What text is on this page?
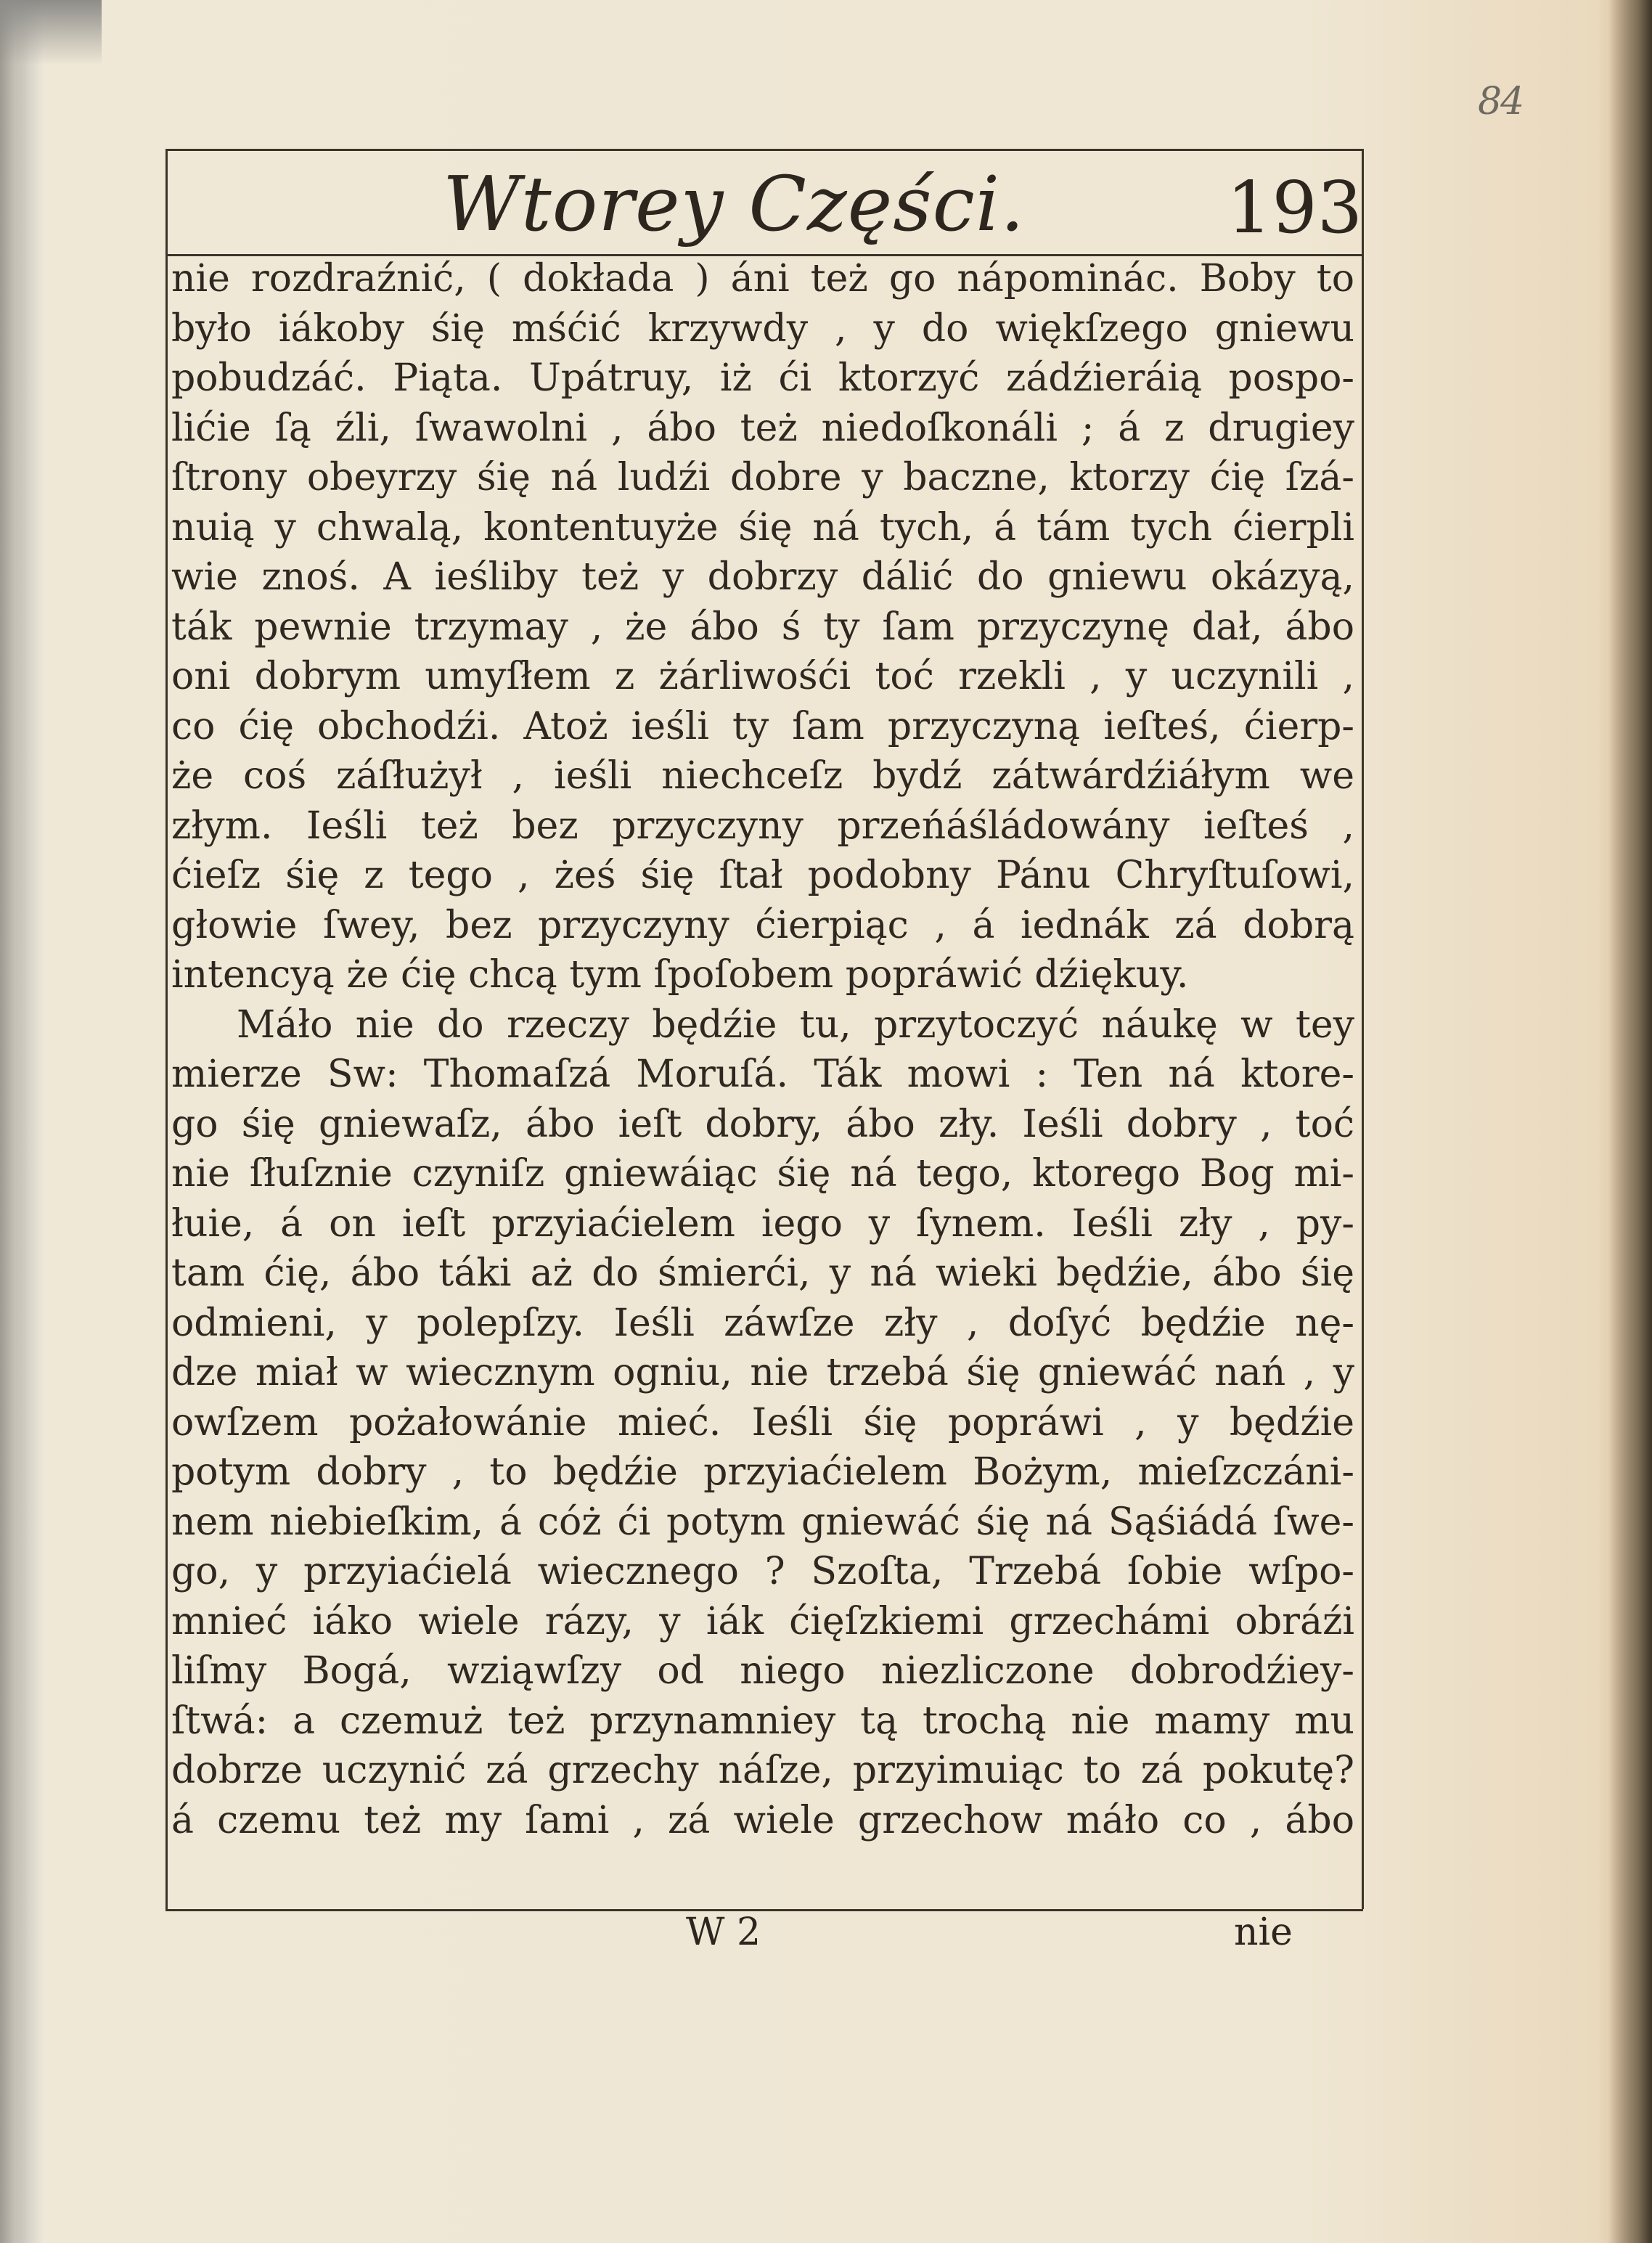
84
Wtorey Części.	193
nie rozdraźnić, ( dokłada ) áni też go nápominác. Boby to
było iákoby śię mśćić krzywdy , y do więkſzego gniewu
pobudzáć. Piąta. Upátruy, iż ći ktorzyć zádźieráią pospo-
lićie ſą źli, ſwawolni , ábo też niedoſkonáli ; á z drugiey
ſtrony obeyrzy śię ná ludźi dobre y baczne, ktorzy ćię ſzá-
nuią y chwalą, kontentuyże śię ná tych, á tám tych ćierpli
wie znoś. A ieśliby też y dobrzy dálić do gniewu okázyą,
ták pewnie trzymay , że ábo ś ty ſam przyczynę dał, ábo
oni dobrym umyſłem z żárliwośći toć rzekli , y uczynili ,
co ćię obchodźi. Atoż ieśli ty ſam przyczyną ieſteś, ćierp-
że coś záſłużył , ieśli niechceſz bydź zátwárdźiáłym we
złym. Ieśli też bez przyczyny przeńáśládowány ieſteś ,
ćieſz śię z tego , żeś śię ſtał podobny Pánu Chryſtuſowi,
głowie ſwey, bez przyczyny ćierpiąc , á iednák zá dobrą
intencyą że ćię chcą tym ſpoſobem popráwić dźiękuy.
Máło nie do rzeczy będźie tu, przytoczyć náukę w tey
mierze Sw: Thomaſzá Moruſá. Ták mowi : Ten ná ktore-
go śię gniewaſz, ábo ieſt dobry, ábo zły. Ieśli dobry , toć
nie ſłuſznie czyniſz gniewáiąc śię ná tego, ktorego Bog mi-
łuie, á on ieſt przyiaćielem iego y ſynem. Ieśli zły , py-
tam ćię, ábo táki aż do śmierći, y ná wieki będźie, ábo śię
odmieni, y polepſzy. Ieśli záwſze zły , doſyć będźie nę-
dze miał w wiecznym ogniu, nie trzebá śię gniewáć nań , y
owſzem pożałowánie mieć. Ieśli śię popráwi , y będźie
potym dobry , to będźie przyiaćielem Bożym, mieſzczáni-
nem niebieſkim, á cóż ći potym gniewáć śię ná Sąśiádá ſwe-
go, y przyiaćielá wiecznego ? Szoſta, Trzebá ſobie wſpo-
mnieć iáko wiele rázy, y iák ćięſzkiemi grzechámi obráźi
liſmy Bogá, wziąwſzy od niego niezliczone dobrodźiey-
ſtwá: a czemuż też przynamniey tą trochą nie mamy mu
dobrze uczynić zá grzechy náſze, przyimuiąc to zá pokutę?
á czemu też my ſami , zá wiele grzechow máło co , ábo
W 2	nie
